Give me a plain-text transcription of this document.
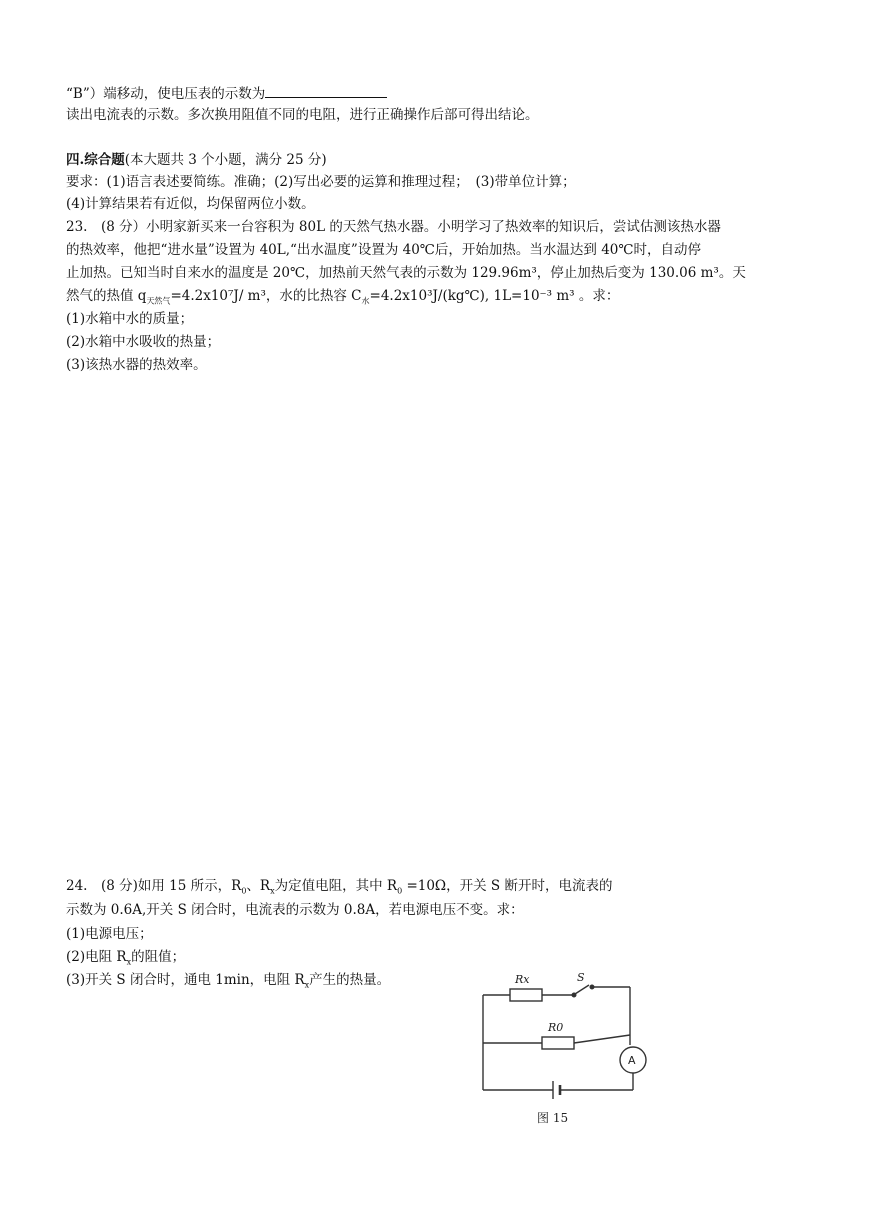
“B”）端移动，使电压表的示数为
读出电流表的示数。多次换用阻值不同的电阻，进行正确操作后部可得出结论。
四.综合题(本大题共 3 个小题，满分 25 分)
要求：(1)语言表述要简练。准确；(2)写出必要的运算和推理过程；　(3)带单位计算；
(4)计算结果若有近似，均保留两位小数。
23.　(8 分）小明家新买来一台容积为 80L 的天然气热水器。小明学习了热效率的知识后，尝试估测该热水器
的热效率，他把“进水量”设置为 40L,“出水温度”设置为 40℃后，开始加热。当水温达到 40℃时，自动停
止加热。已知当时自来水的温度是 20℃，加热前天然气表的示数为 129.96m³，停止加热后变为 130.06 m³。天
然气的热值 $q_{天然气}=4.2x10^7J/$ m³，水的比热容 $C_水=4.2x10^3J/(kg℃)$, 1L=10⁻³ m³ 。求：
(1)水箱中水的质量；
(2)水箱中水吸收的热量；
(3)该热水器的热效率。
24.　(8 分)如用 15 所示，$R_0$、$R_x$为定值电阻，其中 $R_0 =10\Omega$，开关 S 断开时，电流表的
示数为 0.6A,开关 S 闭合时，电流表的示数为 0.8A，若电源电压不变。求：
(1)电源电压；
(2)电阻 $R_x$的阻值；
(3)开关 S 闭合时，通电 1min，电阻 $R_x$产生的热量。	Rx	S
R0
A
图 15
